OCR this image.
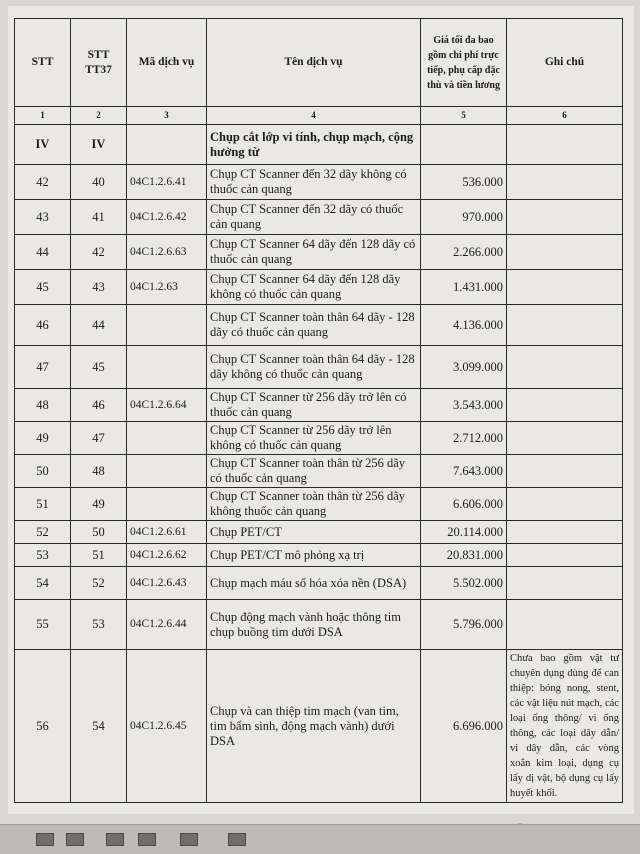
STT	STT TT37	Mã dịch vụ	Tên dịch vụ	Giá tối đa bao gồm chi phí trực tiếp, phụ cấp đặc thù và tiền lương	Ghi chú
1	2	3	4	5	6
IV	IV		Chụp cắt lớp vi tính, chụp mạch, cộng hưởng từ		
42	40	04C1.2.6.41	Chụp CT Scanner đến 32 dãy không có thuốc cản quang	536.000	
43	41	04C1.2.6.42	Chụp CT Scanner đến 32 dãy có thuốc cản quang	970.000	
44	42	04C1.2.6.63	Chụp CT Scanner 64 dãy đến 128 dãy có thuốc cản quang	2.266.000	
45	43	04C1.2.63	Chụp CT Scanner 64 dãy đến 128 dãy không có thuốc cản quang	1.431.000	
46	44		Chụp CT Scanner toàn thân 64 dãy - 128 dãy có thuốc cản quang	4.136.000	
47	45		Chụp CT Scanner toàn thân 64 dãy - 128 dãy không có thuốc cản quang	3.099.000	
48	46	04C1.2.6.64	Chụp CT Scanner từ 256 dãy trở lên có thuốc cản quang	3.543.000	
49	47		Chụp CT Scanner từ 256 dãy trở lên không có thuốc cản quang	2.712.000	
50	48		Chụp CT Scanner toàn thân từ 256 dãy có thuốc cản quang	7.643.000	
51	49		Chụp CT Scanner toàn thân từ 256 dãy không thuốc cản quang	6.606.000	
52	50	04C1.2.6.61	Chụp PET/CT	20.114.000	
53	51	04C1.2.6.62	Chụp PET/CT mô phỏng xạ trị	20.831.000	
54	52	04C1.2.6.43	Chụp mạch máu số hóa xóa nền (DSA)	5.502.000	
55	53	04C1.2.6.44	Chụp động mạch vành hoặc thông tim chụp buồng tim dưới DSA	5.796.000	
56	54	04C1.2.6.45	Chụp và can thiệp tim mạch (van tim, tim bẩm sinh, động mạch vành) dưới DSA	6.696.000	Chưa bao gồm vật tư chuyên dụng dùng để can thiệp: bóng nong, stent, các vật liệu nút mạch, các loại ống thông/ vi ống thông, các loại dây dẫn/ vi dây dẫn, các vòng xoắn kim loại, dụng cụ lấy dị vật, bộ dụng cụ lấy huyết khối.
